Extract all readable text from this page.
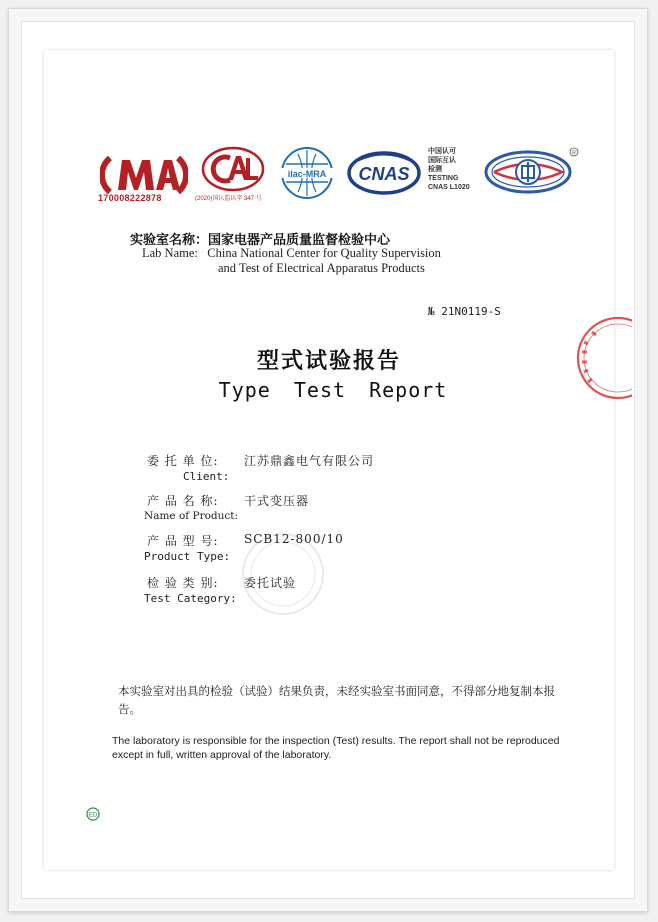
170008222878	(2020)国认监认字 347 号
ilac-MRA CNAS
中国认可
国际互认
检测
TESTING
CNAS L1020
R
实验室名称：国家电器产品质量监督检验中心
Lab Name: China National Center for Quality Supervision
and Test of Electrical Apparatus Products
№ 21N0119-S
型式试验报告
Type Test Report
委 托 单 位: 江苏鼎鑫电气有限公司
Client:
产 品 名 称: 干式变压器
Name of Product:
产 品 型 号: SCB12-800/10
Product Type:
检 验 类 别: 委托试验
Test Category:
本实验室对出具的检验（试验）结果负责，未经实验室书面同意，不得部分地复制本报告。
The laboratory is responsible for the inspection (Test) results. The report shall not be reproduced except in full, written approval of the laboratory.
ED
